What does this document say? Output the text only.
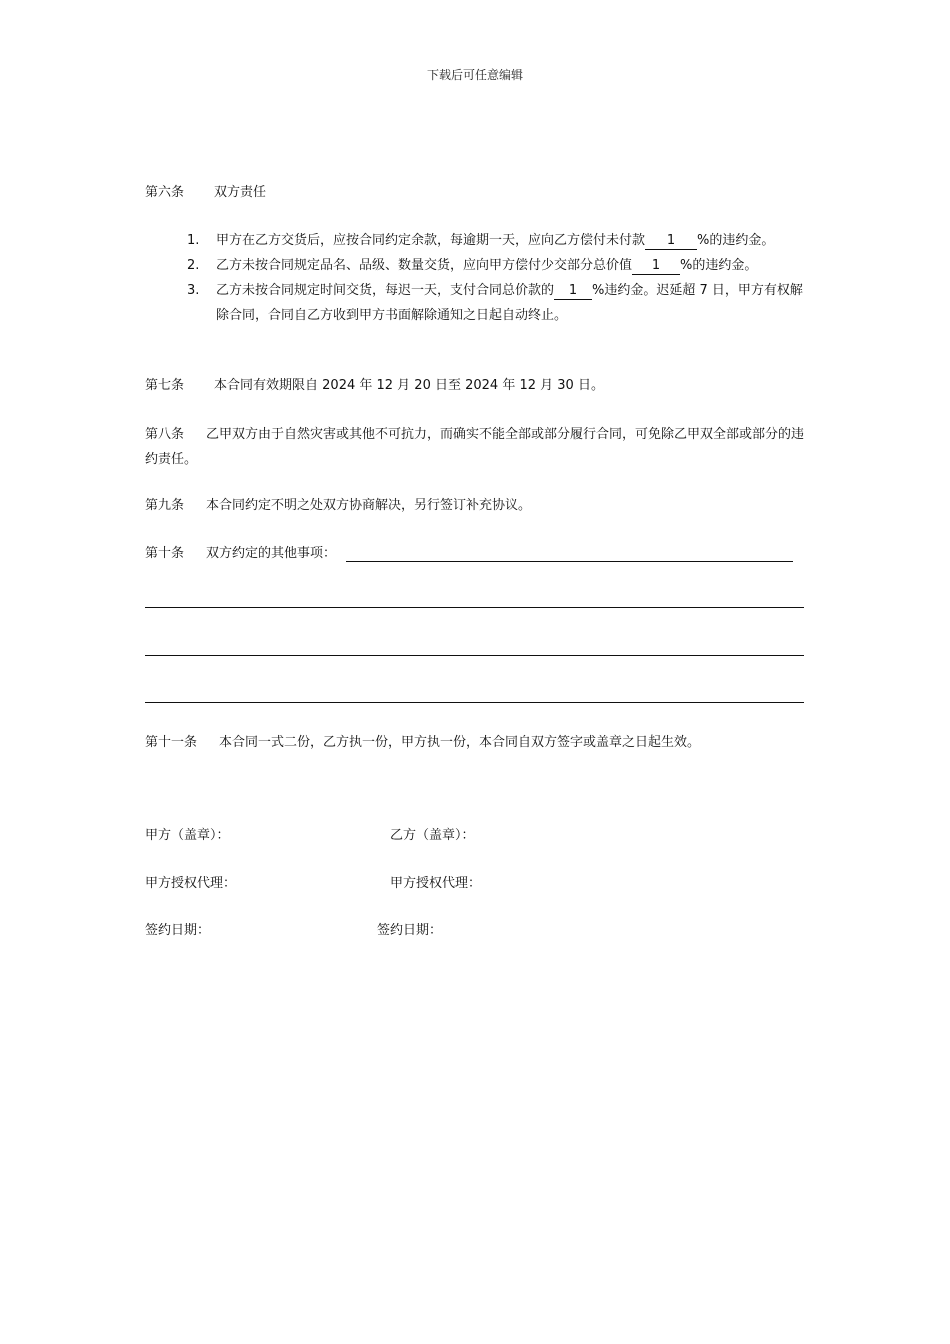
下载后可任意编辑
第六条 双方责任
1. 甲方在乙方交货后，应按合同约定余款，每逾期一天，应向乙方偿付未付款 1 %的违约金。
2. 乙方未按合同规定品名、品级、数量交货，应向甲方偿付少交部分总价值 1 %的违约金。
3. 乙方未按合同规定时间交货，每迟一天，支付合同总价款的 1 %违约金。迟延超 7 日，甲方有权解除合同，合同自乙方收到甲方书面解除通知之日起自动终止。
第七条 本合同有效期限自 2024 年 12 月 20 日至 2024 年 12 月 30 日。
第八条 乙甲双方由于自然灾害或其他不可抗力，而确实不能全部或部分履行合同，可免除乙甲双全部或部分的违约责任。
第九条 本合同约定不明之处双方协商解决，另行签订补充协议。
第十条 双方约定的其他事项：
第十一条 本合同一式二份，乙方执一份，甲方执一份，本合同自双方签字或盖章之日起生效。
甲方（盖章）：	乙方（盖章）：
甲方授权代理：	甲方授权代理：
签约日期：	签约日期：
